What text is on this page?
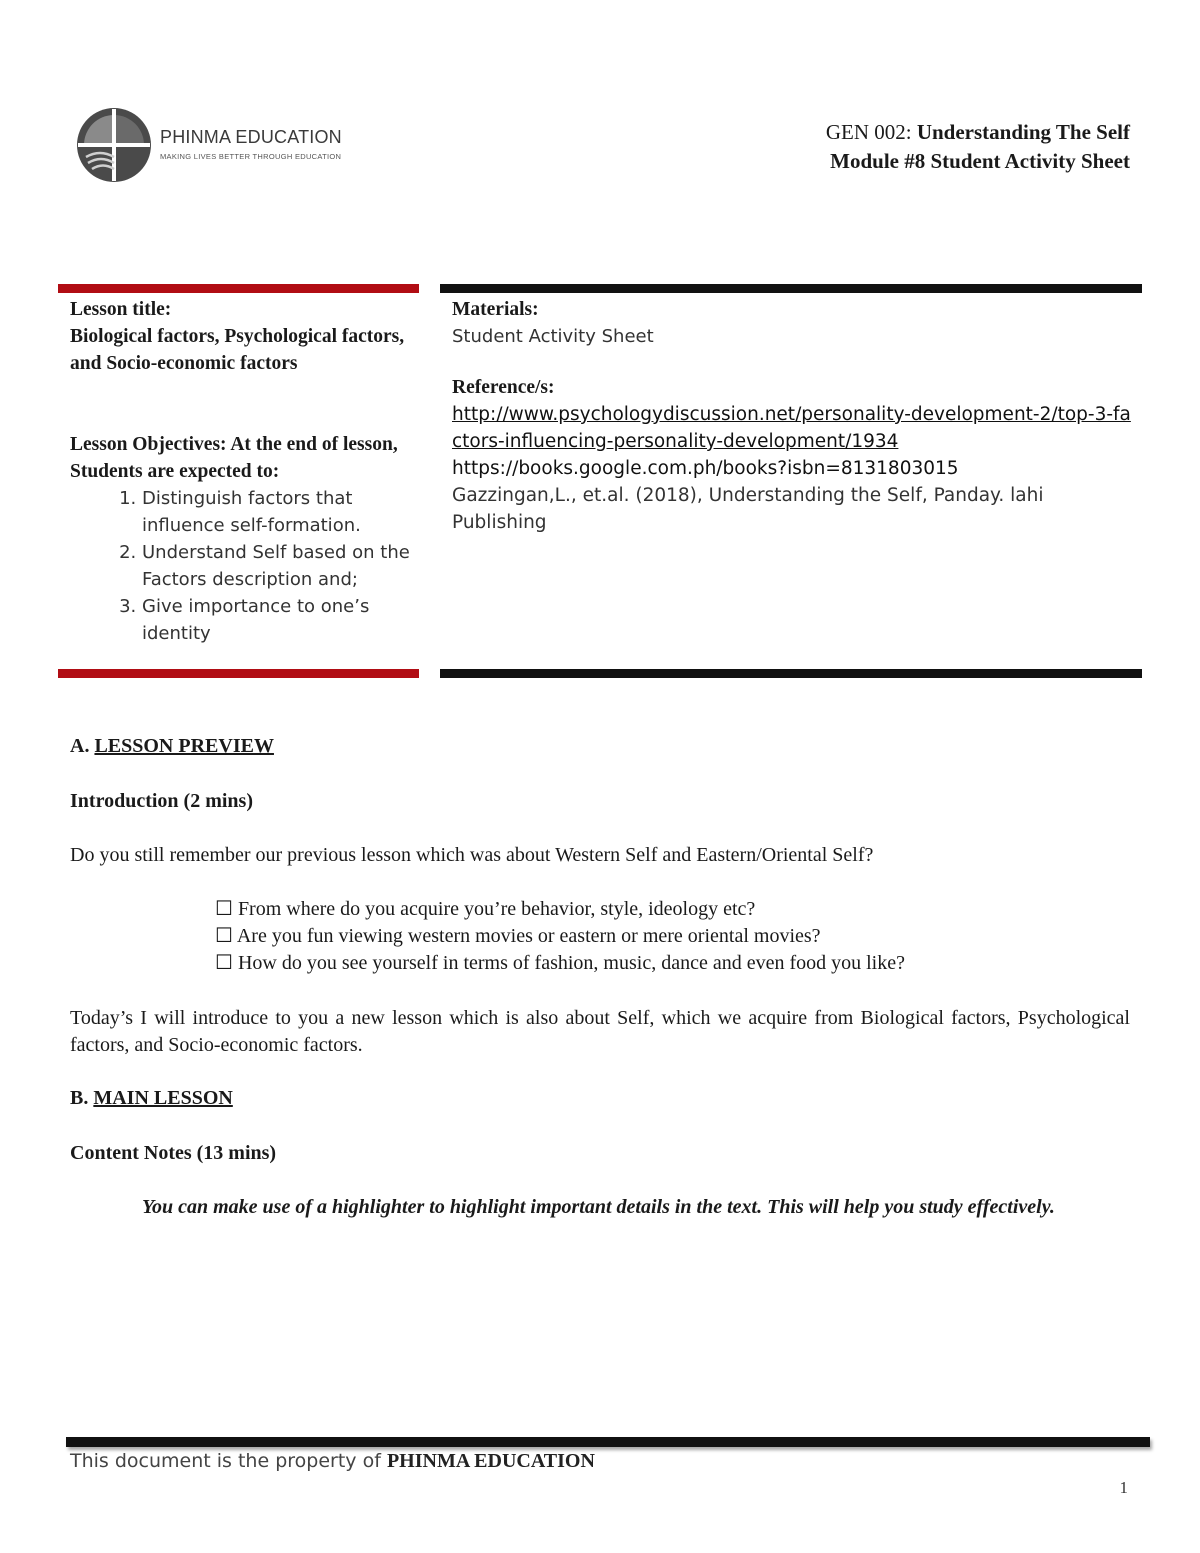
PHINMA EDUCATION
MAKING LIVES BETTER THROUGH EDUCATION
GEN 002: Understanding The Self
Module #8 Student Activity Sheet
Lesson title:
Biological factors, Psychological factors, and Socio-economic factors
Lesson Objectives: At the end of lesson, Students are expected to:
1. Distinguish factors that influence self-formation.
2. Understand Self based on the Factors description and;
3. Give importance to one’s identity
Materials:
Student Activity Sheet
Reference/s:
http://www.psychologydiscussion.net/personality-development-2/top-3-factors-influencing-personality-development/1934
https://books.google.com.ph/books?isbn=8131803015
Gazzingan,L., et.al. (2018), Understanding the Self, Panday. lahi Publishing
A. LESSON PREVIEW
Introduction (2 mins)
Do you still remember our previous lesson which was about Western Self and Eastern/Oriental Self?
☐ From where do you acquire you’re behavior, style, ideology etc?
☐ Are you fun viewing western movies or eastern or mere oriental movies?
☐ How do you see yourself in terms of fashion, music, dance and even food you like?
Today’s I will introduce to you a new lesson which is also about Self, which we acquire from Biological factors, Psychological factors, and Socio-economic factors.
B. MAIN LESSON
Content Notes (13 mins)
You can make use of a highlighter to highlight important details in the text. This will help you study effectively.
This document is the property of PHINMA EDUCATION
1
